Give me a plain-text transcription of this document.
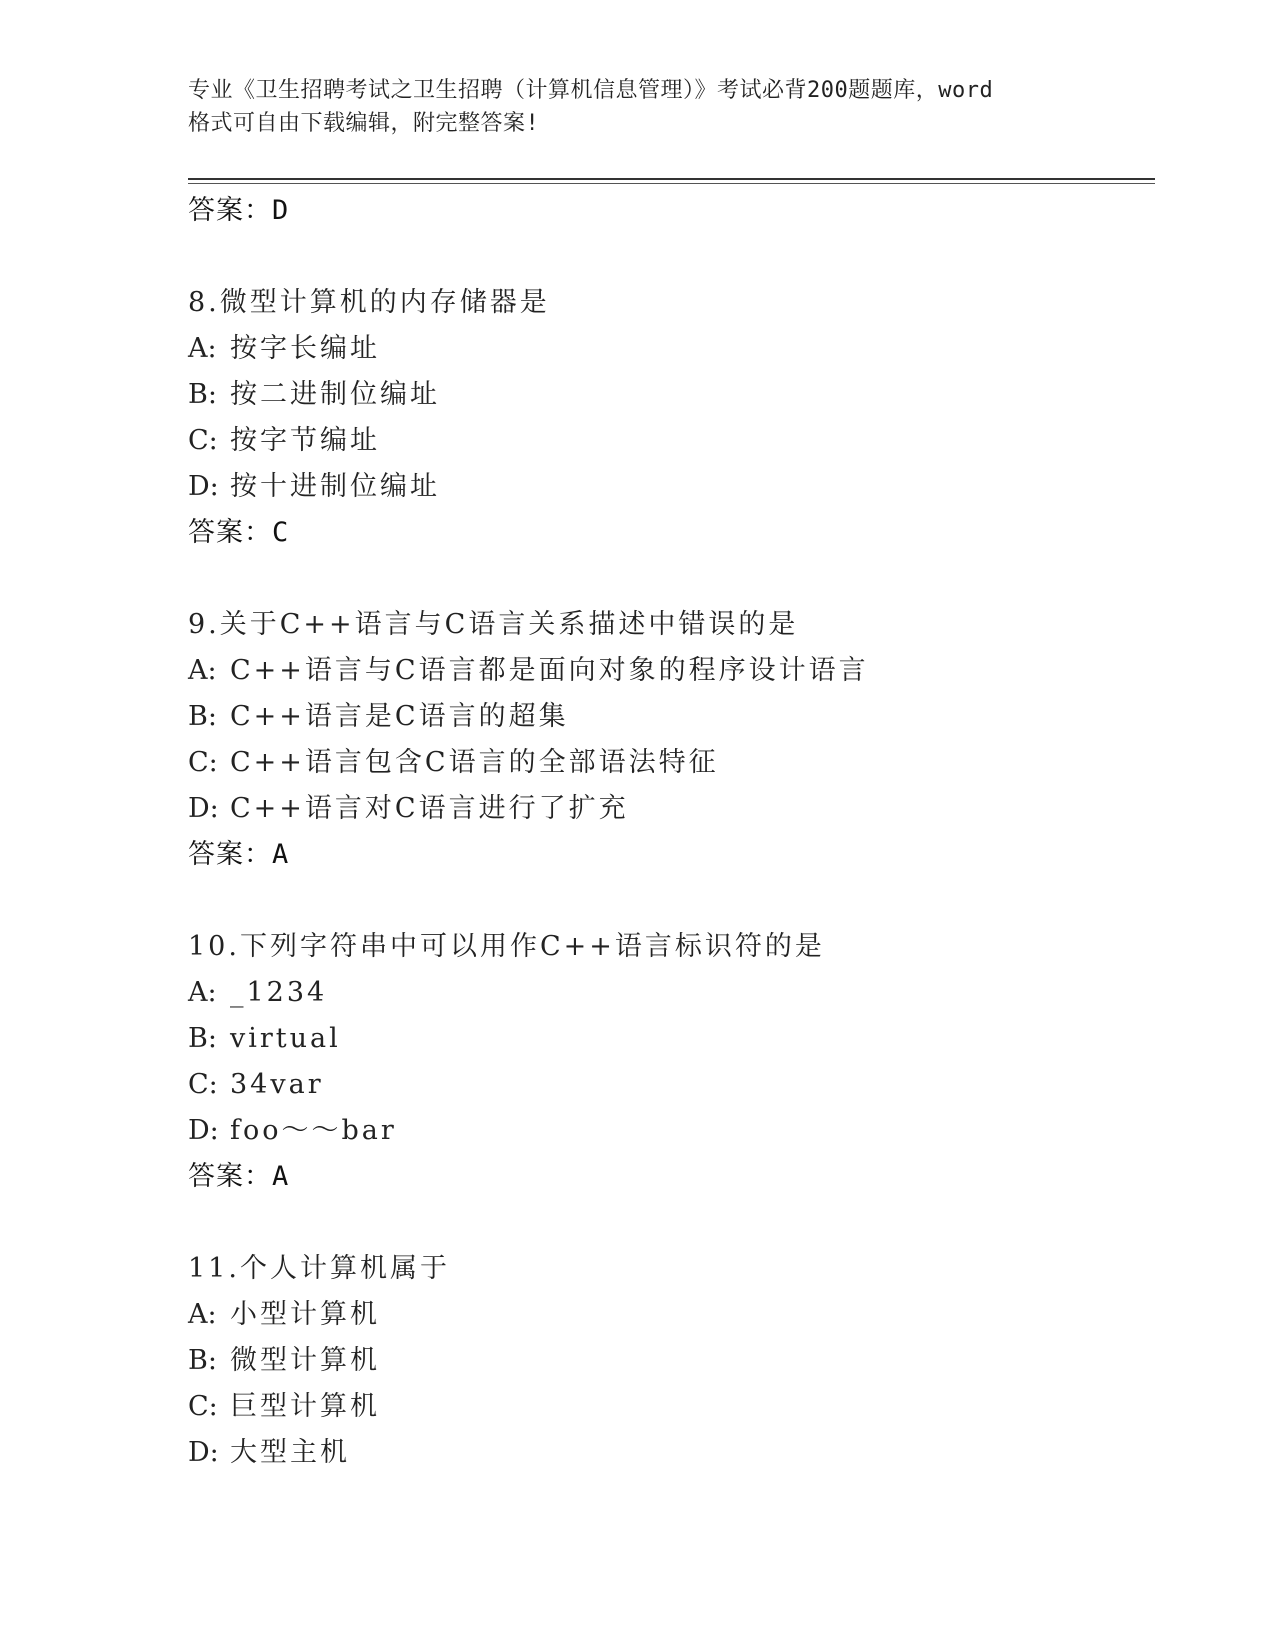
专业《卫生招聘考试之卫生招聘（计算机信息管理）》考试必背200题题库，word
格式可自由下载编辑，附完整答案!
答案：D
8.微型计算机的内存储器是
A: 按字长编址
B: 按二进制位编址
C: 按字节编址
D: 按十进制位编址
答案：C
9.关于C++语言与C语言关系描述中错误的是
A: C++语言与C语言都是面向对象的程序设计语言
B: C++语言是C语言的超集
C: C++语言包含C语言的全部语法特征
D: C++语言对C语言进行了扩充
答案：A
10.下列字符串中可以用作C++语言标识符的是
A: _1234
B: virtual
C: 34var
D: foo～～bar
答案：A
11.个人计算机属于
A: 小型计算机
B: 微型计算机
C: 巨型计算机
D: 大型主机
